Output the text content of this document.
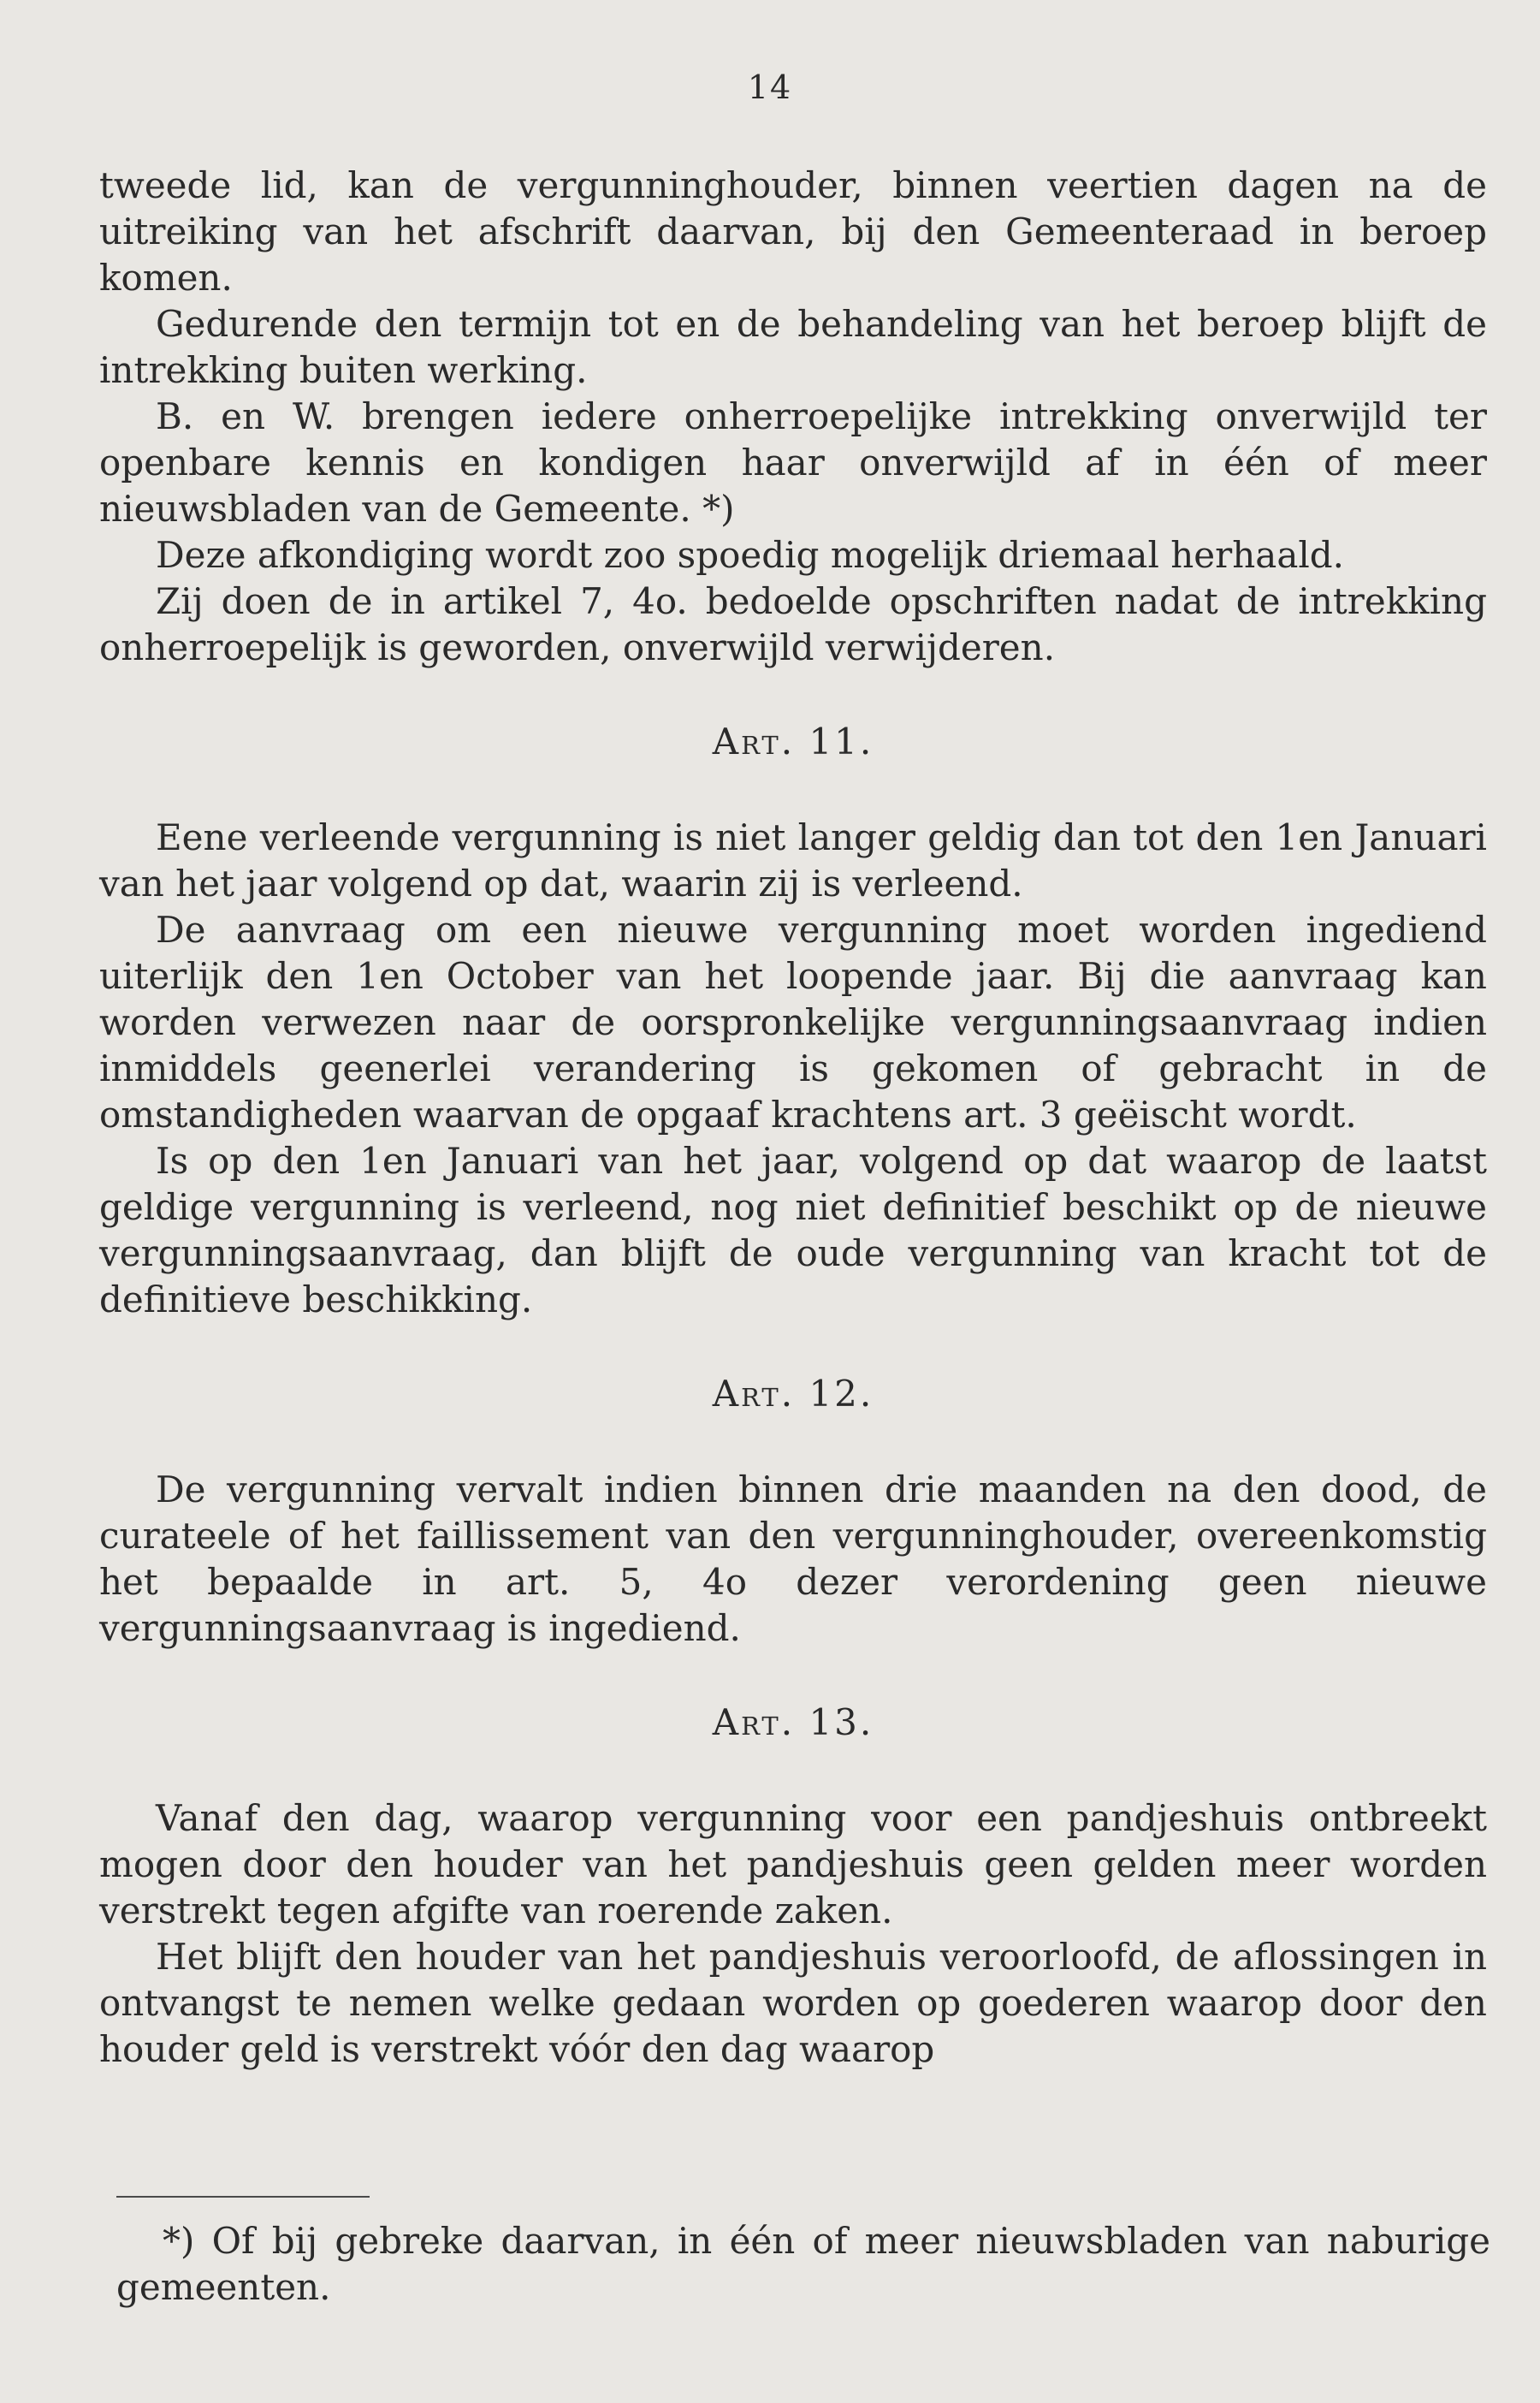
14

tweede lid, kan de vergunninghouder, binnen veertien dagen na de uitreiking van het afschrift daarvan, bij den Gemeenteraad in beroep komen.

Gedurende den termijn tot en de behandeling van het beroep blijft de intrekking buiten werking.

B. en W. brengen iedere onherroepelijke intrekking onverwijld ter openbare kennis en kondigen haar onverwijld af in één of meer nieuwsbladen van de Gemeente. *)

Deze afkondiging wordt zoo spoedig mogelijk driemaal herhaald.

Zij doen de in artikel 7, 4o. bedoelde opschriften nadat de intrekking onherroepelijk is geworden, onverwijld verwijderen.

Art. 11.

Eene verleende vergunning is niet langer geldig dan tot den 1en Januari van het jaar volgend op dat, waarin zij is verleend.

De aanvraag om een nieuwe vergunning moet worden ingediend uiterlijk den 1en October van het loopende jaar. Bij die aanvraag kan worden verwezen naar de oorspronkelijke vergunningsaanvraag indien inmiddels geenerlei verandering is gekomen of gebracht in de omstandigheden waarvan de opgaaf krachtens art. 3 geëischt wordt.

Is op den 1en Januari van het jaar, volgend op dat waarop de laatst geldige vergunning is verleend, nog niet definitief beschikt op de nieuwe vergunningsaanvraag, dan blijft de oude vergunning van kracht tot de definitieve beschikking.

Art. 12.

De vergunning vervalt indien binnen drie maanden na den dood, de curateele of het faillissement van den vergunninghouder, overeenkomstig het bepaalde in art. 5, 4o dezer verordening geen nieuwe vergunningsaanvraag is ingediend.

Art. 13.

Vanaf den dag, waarop vergunning voor een pandjeshuis ontbreekt mogen door den houder van het pandjeshuis geen gelden meer worden verstrekt tegen afgifte van roerende zaken.

Het blijft den houder van het pandjeshuis veroorloofd, de aflossingen in ontvangst te nemen welke gedaan worden op goederen waarop door den houder geld is verstrekt vóór den dag waarop

*) Of bij gebreke daarvan, in één of meer nieuwsbladen van naburige gemeenten.
